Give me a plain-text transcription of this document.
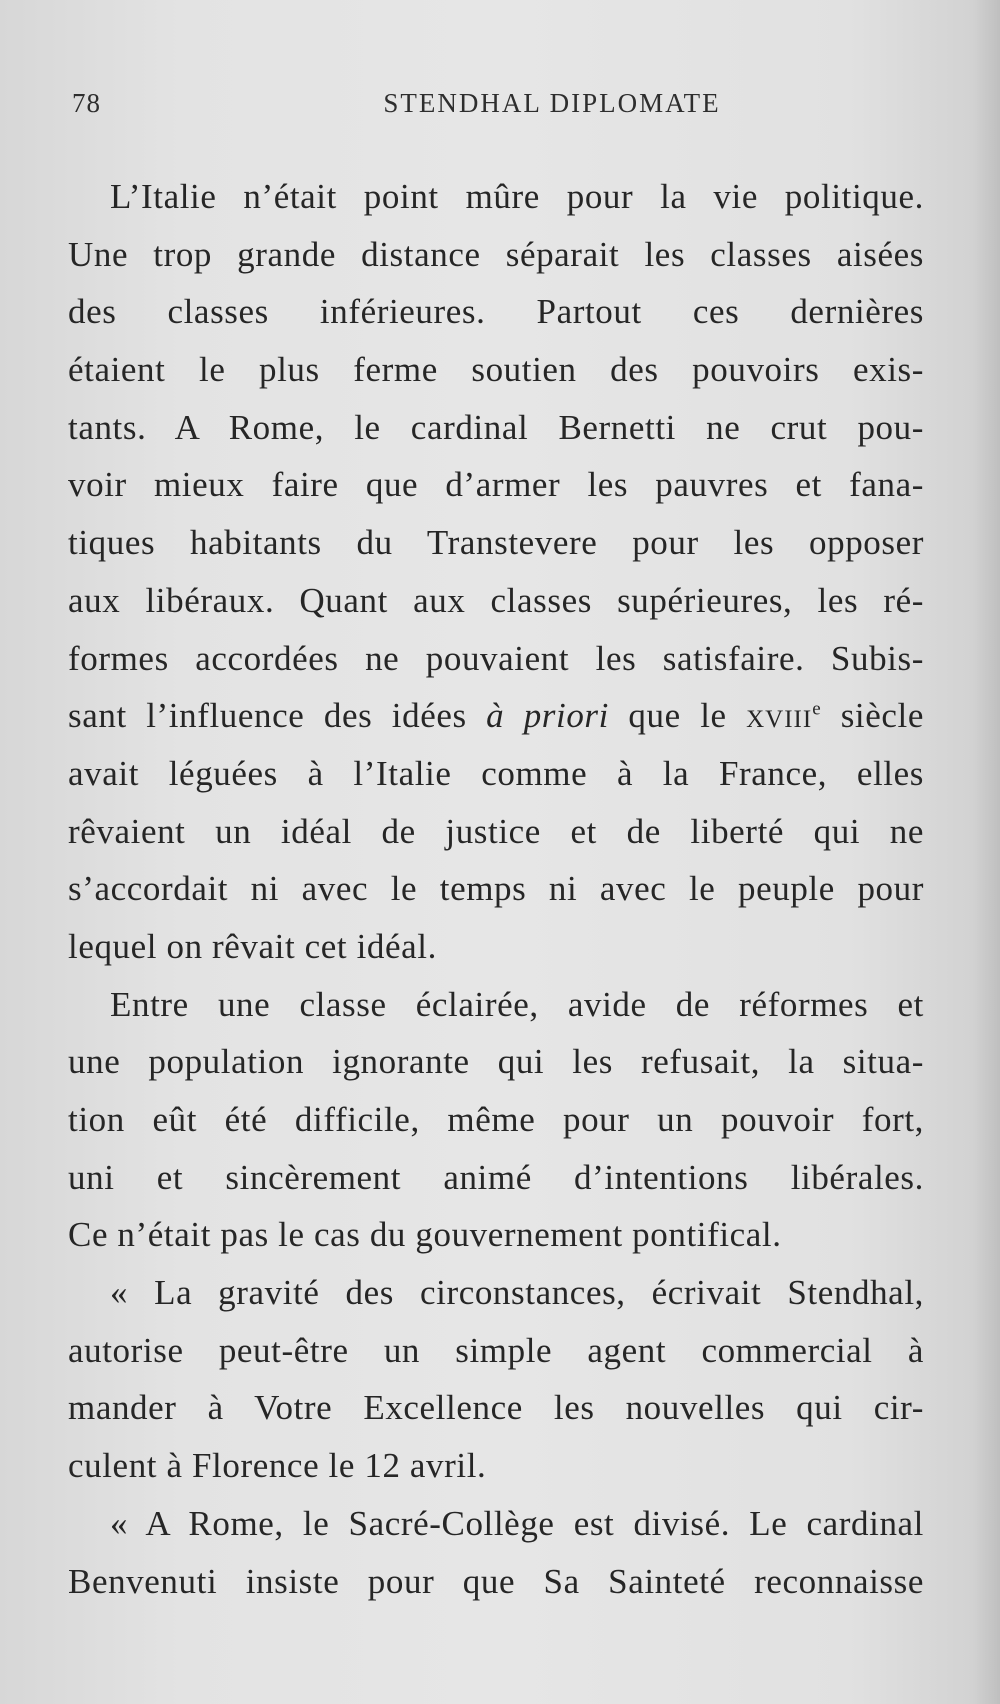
78	STENDHAL DIPLOMATE
L’Italie n’était point mûre pour la vie politique.
Une trop grande distance séparait les classes aisées
des classes inférieures. Partout ces dernières
étaient le plus ferme soutien des pouvoirs exis-
tants. A Rome, le cardinal Bernetti ne crut pou-
voir mieux faire que d’armer les pauvres et fana-
tiques habitants du Transtevere pour les opposer
aux libéraux. Quant aux classes supérieures, les ré-
formes accordées ne pouvaient les satisfaire. Subis-
sant l’influence des idées à priori que le xviii$^e$ siècle
avait léguées à l’Italie comme à la France, elles
rêvaient un idéal de justice et de liberté qui ne
s’accordait ni avec le temps ni avec le peuple pour
lequel on rêvait cet idéal.
Entre une classe éclairée, avide de réformes et
une population ignorante qui les refusait, la situa-
tion eût été difficile, même pour un pouvoir fort,
uni et sincèrement animé d’intentions libérales.
Ce n’était pas le cas du gouvernement pontifical.
« La gravité des circonstances, écrivait Stendhal,
autorise peut-être un simple agent commercial à
mander à Votre Excellence les nouvelles qui cir-
culent à Florence le 12 avril.
« A Rome, le Sacré-Collège est divisé. Le cardinal
Benvenuti insiste pour que Sa Sainteté reconnaisse
